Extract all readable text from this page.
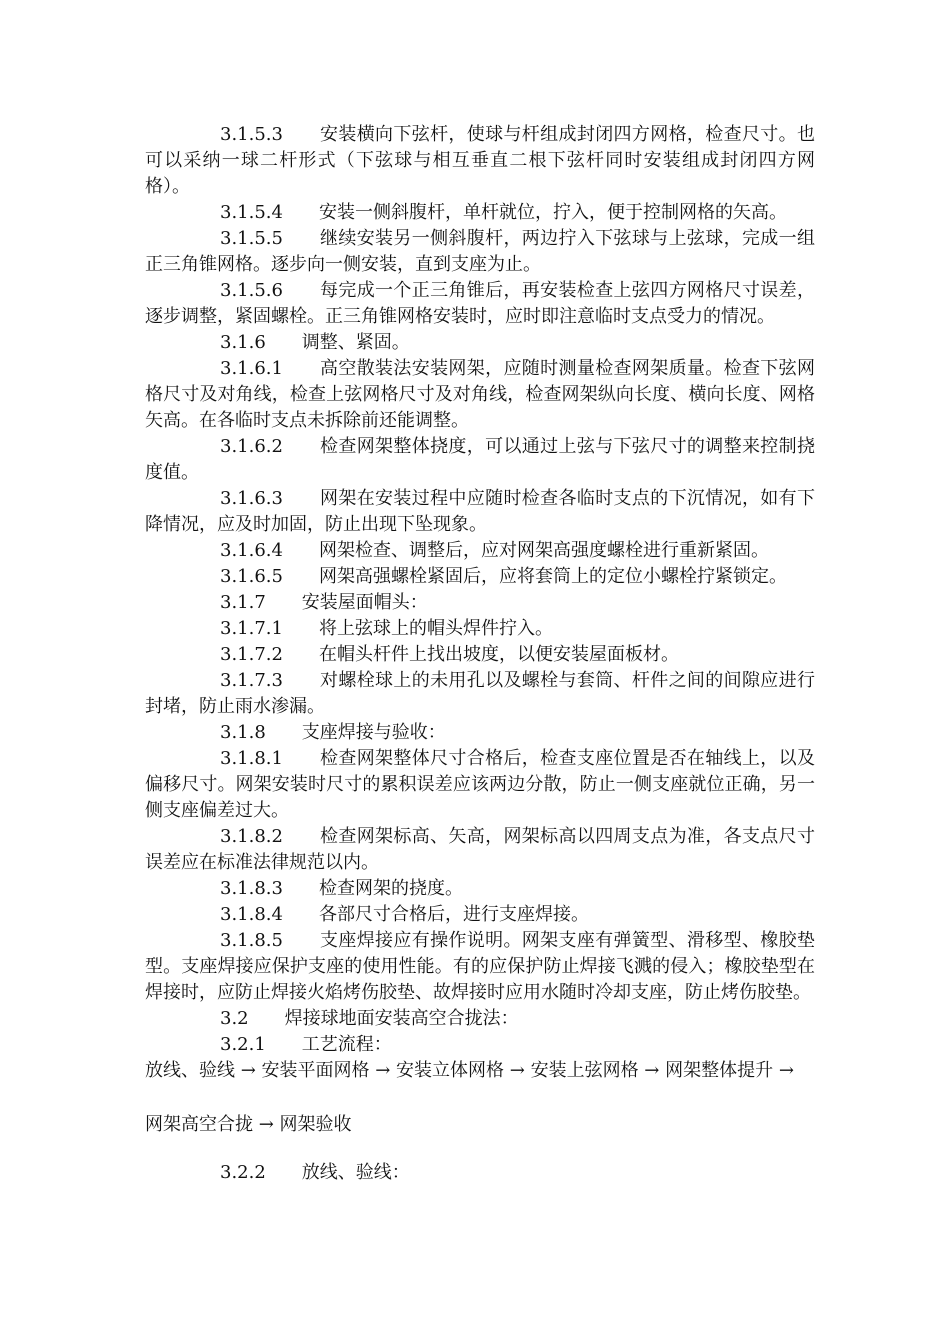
3.1.5.3　　安装横向下弦杆，使球与杆组成封闭四方网格，检查尺寸。也可以采纳一球二杆形式（下弦球与相互垂直二根下弦杆同时安装组成封闭四方网格）。

3.1.5.4　　安装一侧斜腹杆，单杆就位，拧入，便于控制网格的矢高。

3.1.5.5　　继续安装另一侧斜腹杆，两边拧入下弦球与上弦球，完成一组正三角锥网格。逐步向一侧安装，直到支座为止。

3.1.5.6　　每完成一个正三角锥后，再安装检查上弦四方网格尺寸误差，逐步调整，紧固螺栓。正三角锥网格安装时，应时即注意临时支点受力的情况。

3.1.6　　调整、紧固。

3.1.6.1　　高空散装法安装网架，应随时测量检查网架质量。检查下弦网格尺寸及对角线，检查上弦网格尺寸及对角线，检查网架纵向长度、横向长度、网格矢高。在各临时支点未拆除前还能调整。

3.1.6.2　　检查网架整体挠度，可以通过上弦与下弦尺寸的调整来控制挠度值。

3.1.6.3　　网架在安装过程中应随时检查各临时支点的下沉情况，如有下降情况，应及时加固，防止出现下坠现象。

3.1.6.4　　网架检查、调整后，应对网架高强度螺栓进行重新紧固。

3.1.6.5　　网架高强螺栓紧固后，应将套筒上的定位小螺栓拧紧锁定。

3.1.7　　安装屋面帽头：

3.1.7.1　　将上弦球上的帽头焊件拧入。

3.1.7.2　　在帽头杆件上找出坡度，以便安装屋面板材。

3.1.7.3　　对螺栓球上的未用孔以及螺栓与套筒、杆件之间的间隙应进行封堵，防止雨水渗漏。

3.1.8　　支座焊接与验收：

3.1.8.1　　检查网架整体尺寸合格后，检查支座位置是否在轴线上，以及偏移尺寸。网架安装时尺寸的累积误差应该两边分散，防止一侧支座就位正确，另一侧支座偏差过大。

3.1.8.2　　检查网架标高、矢高，网架标高以四周支点为准，各支点尺寸误差应在标准法律规范以内。

3.1.8.3　　检查网架的挠度。

3.1.8.4　　各部尺寸合格后，进行支座焊接。

3.1.8.5　　支座焊接应有操作说明。网架支座有弹簧型、滑移型、橡胶垫型。支座焊接应保护支座的使用性能。有的应保护防止焊接飞溅的侵入；橡胶垫型在焊接时，应防止焊接火焰烤伤胶垫、故焊接时应用水随时冷却支座，防止烤伤胶垫。

3.2　　焊接球地面安装高空合拢法：

3.2.1　　工艺流程：

放线、验线 → 安装平面网格 → 安装立体网格 → 安装上弦网格 → 网架整体提升 →

网架高空合拢 → 网架验收

3.2.2　　放线、验线：
